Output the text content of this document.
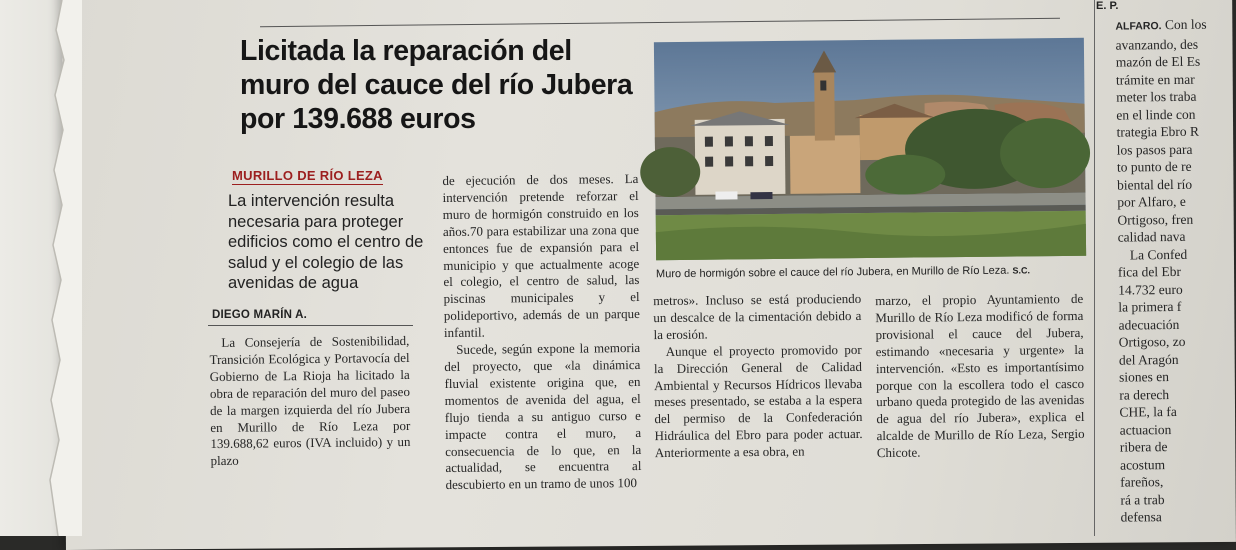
E. P.
Licitada la reparación del muro del cauce del río Jubera por 139.688 euros
MURILLO DE RÍO LEZA
La intervención resulta necesaria para proteger edificios como el centro de salud y el colegio de las avenidas de agua
DIEGO MARÍN A.

La Consejería de Sostenibilidad, Transición Ecológica y Portavocía del Gobierno de La Rioja ha licitado la obra de reparación del muro del paseo de la margen izquierda del río Jubera en Murillo de Río Leza por 139.688,62 euros (IVA incluido) y un plazo

de ejecución de dos meses. La intervención pretende reforzar el muro de hormigón construido en los años.70 para estabilizar una zona que entonces fue de expansión para el municipio y que actualmente acoge el colegio, el centro de salud, las piscinas municipales y el polideportivo, además de un parque infantil.

Sucede, según expone la memoria del proyecto, que «la dinámica fluvial existente origina que, en momentos de avenida del agua, el flujo tienda a su antiguo curso e impacte contra el muro, a consecuencia de lo que, en la actualidad, se encuentra al descubierto en un tramo de unos 100

metros». Incluso se está produciendo un descalce de la cimentación debido a la erosión.

Aunque el proyecto promovido por la Dirección General de Calidad Ambiental y Recursos Hídricos llevaba meses presentado, se estaba a la espera del permiso de la Confederación Hidráulica del Ebro para poder actuar. Anteriormente a esa obra, en

marzo, el propio Ayuntamiento de Murillo de Río Leza modificó de forma provisional el cauce del Jubera, estimando «necesaria y urgente» la intervención. «Esto es importantísimo porque con la escollera todo el casco urbano queda protegido de las avenidas de agua del río Jubera», explica el alcalde de Murillo de Río Leza, Sergio Chicote.

Muro de hormigón sobre el cauce del río Jubera, en Murillo de Río Leza. S.C.

ALFARO. Con los

avanzando, des

mazón de El Es

trámite en mar

meter los traba

en el linde con

trategia Ebro R

los pasos para

to punto de re

biental del río

por Alfaro, e

Ortigoso, fren

calidad nava

La Confed

fica del Ebr

14.732 euro

la primera f

adecuación

Ortigoso, zo

del Aragón

siones en

ra derech

CHE, la fa

actuacion

ribera de

acostum

fareños,

rá a trab

defensa
